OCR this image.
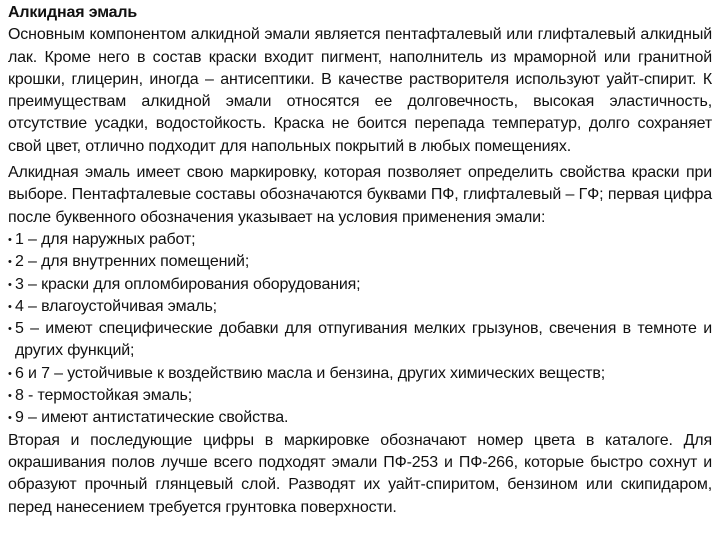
Алкидная эмаль

Основным компонентом алкидной эмали является пентафталевый или глифталевый алкидный лак. Кроме него в состав краски входит пигмент, наполнитель из мраморной или гранитной крошки, глицерин, иногда – антисептики. В качестве растворителя используют уайт-спирит. К преимуществам алкидной эмали относятся ее долговечность, высокая эластичность, отсутствие усадки, водостойкость. Краска не боится перепада температур, долго сохраняет свой цвет, отлично подходит для напольных покрытий в любых помещениях.

Алкидная эмаль имеет свою маркировку, которая позволяет определить свойства краски при выборе. Пентафталевые составы обозначаются буквами ПФ, глифталевый – ГФ; первая цифра после буквенного обозначения указывает на условия применения эмали:

• 1 – для наружных работ;
• 2 – для внутренних помещений;
• 3 – краски для опломбирования оборудования;
• 4 – влагоустойчивая эмаль;
• 5 – имеют специфические добавки для отпугивания мелких грызунов, свечения в темноте и других функций;
• 6 и 7 – устойчивые к воздействию масла и бензина, других химических веществ;
• 8 - термостойкая эмаль;
• 9 – имеют антистатические свойства.

Вторая и последующие цифры в маркировке обозначают номер цвета в каталоге. Для окрашивания полов лучше всего подходят эмали ПФ-253 и ПФ-266, которые быстро сохнут и образуют прочный глянцевый слой. Разводят их уайт-спиритом, бензином или скипидаром, перед нанесением требуется грунтовка поверхности.
